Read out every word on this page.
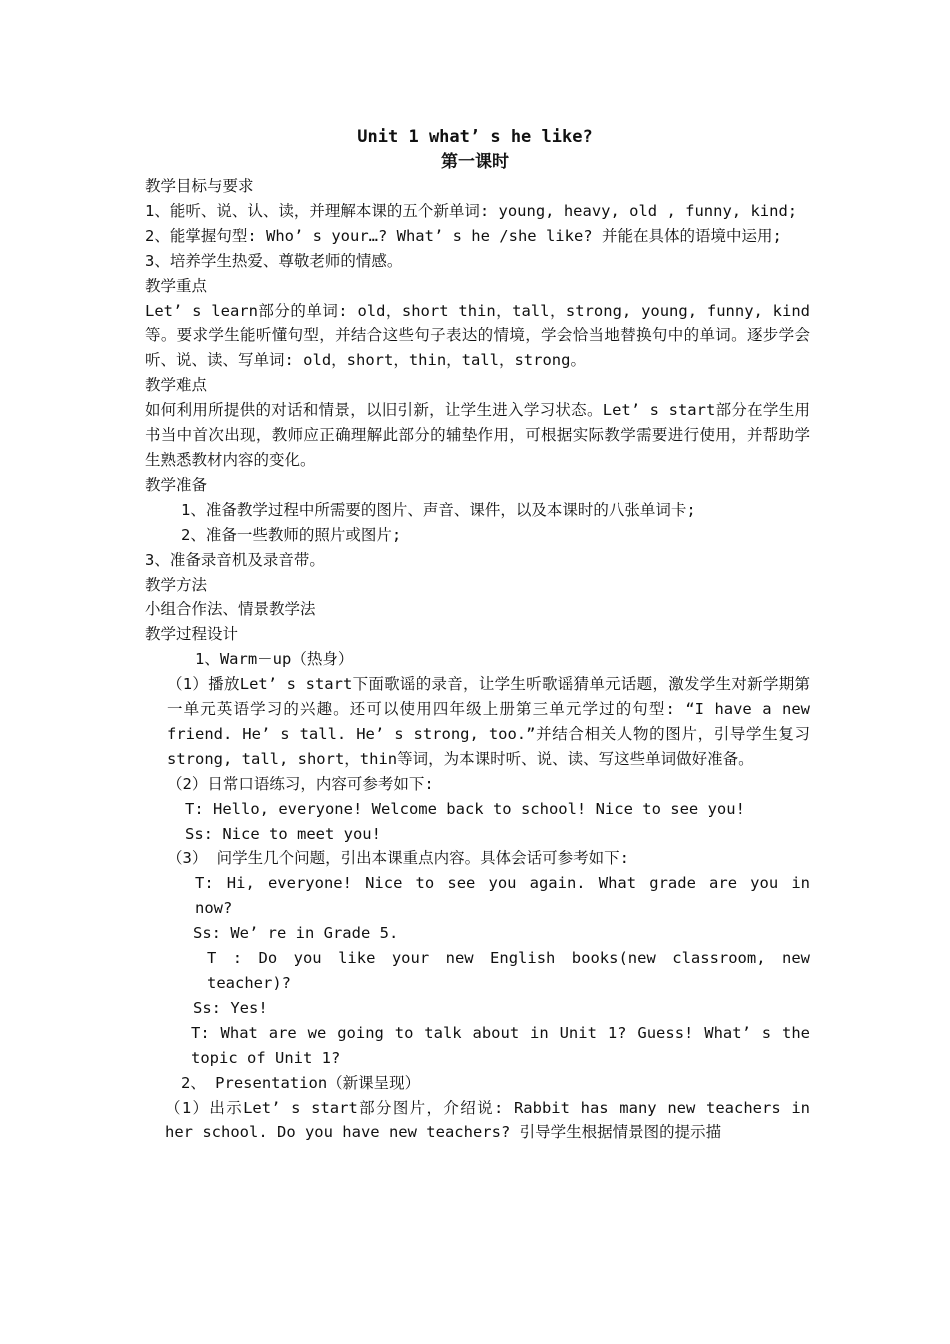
Unit 1 what’ s he like?
第一课时

教学目标与要求

1、能听、说、认、读，并理解本课的五个新单词: young, heavy, old , funny, kind;

2、能掌握句型: Who’ s your…? What’ s he /she like? 并能在具体的语境中运用;

3、培养学生热爱、尊敬老师的情感。

教学重点

Let’ s learn部分的单词: old，short thin，tall，strong, young, funny, kind等。要求学生能听懂句型，并结合这些句子表达的情境，学会恰当地替换句中的单词。逐步学会听、说、读、写单词: old，short，thin，tall，strong。

教学难点

如何利用所提供的对话和情景，以旧引新，让学生进入学习状态。Let’ s start部分在学生用书当中首次出现，教师应正确理解此部分的辅垫作用，可根据实际教学需要进行使用，并帮助学生熟悉教材内容的变化。

教学准备

1、准备教学过程中所需要的图片、声音、课件，以及本课时的八张单词卡;

2、准备一些教师的照片或图片;

3、准备录音机及录音带。

教学方法

小组合作法、情景教学法

教学过程设计

1、Warm－up（热身）

（1）播放Let’ s start下面歌谣的录音，让学生听歌谣猜单元话题，激发学生对新学期第一单元英语学习的兴趣。还可以使用四年级上册第三单元学过的句型: “I have a new friend. He’ s tall. He’ s strong, too.”并结合相关人物的图片，引导学生复习 strong, tall, short，thin等词，为本课时听、说、读、写这些单词做好准备。

（2）日常口语练习，内容可参考如下:

T: Hello, everyone! Welcome back to school! Nice to see you!

Ss: Nice to meet you!

（3） 问学生几个问题，引出本课重点内容。具体会话可参考如下:

T: Hi, everyone! Nice to see you again. What grade are you in now?

Ss: We’ re in Grade 5.

T : Do you like your new English books(new classroom, new teacher)?

Ss: Yes!

T: What are we going to talk about in Unit 1? Guess! What’ s the topic of Unit 1?

2、 Presentation（新课呈现）

（1）出示Let’ s start部分图片，介绍说: Rabbit has many new teachers in her school. Do you have new teachers? 引导学生根据情景图的提示描
